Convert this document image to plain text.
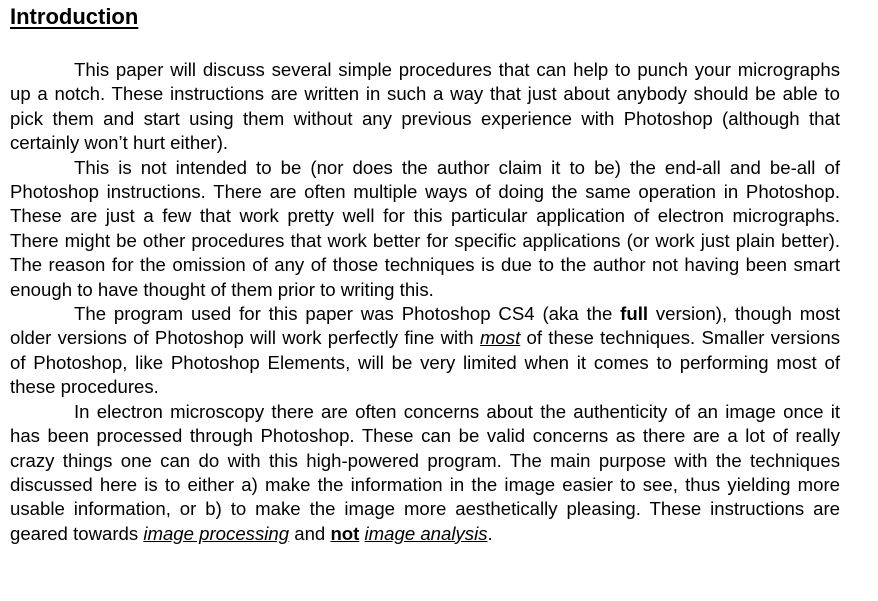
Introduction

This paper will discuss several simple procedures that can help to punch your micrographs up a notch. These instructions are written in such a way that just about anybody should be able to pick them and start using them without any previous experience with Photoshop (although that certainly won’t hurt either).

This is not intended to be (nor does the author claim it to be) the end-all and be-all of Photoshop instructions. There are often multiple ways of doing the same operation in Photoshop. These are just a few that work pretty well for this particular application of electron micrographs. There might be other procedures that work better for specific applications (or work just plain better). The reason for the omission of any of those techniques is due to the author not having been smart enough to have thought of them prior to writing this.

The program used for this paper was Photoshop CS4 (aka the full version), though most older versions of Photoshop will work perfectly fine with most of these techniques. Smaller versions of Photoshop, like Photoshop Elements, will be very limited when it comes to performing most of these procedures.

In electron microscopy there are often concerns about the authenticity of an image once it has been processed through Photoshop. These can be valid concerns as there are a lot of really crazy things one can do with this high-powered program. The main purpose with the techniques discussed here is to either a) make the information in the image easier to see, thus yielding more usable information, or b) to make the image more aesthetically pleasing. These instructions are geared towards image processing and not image analysis.
